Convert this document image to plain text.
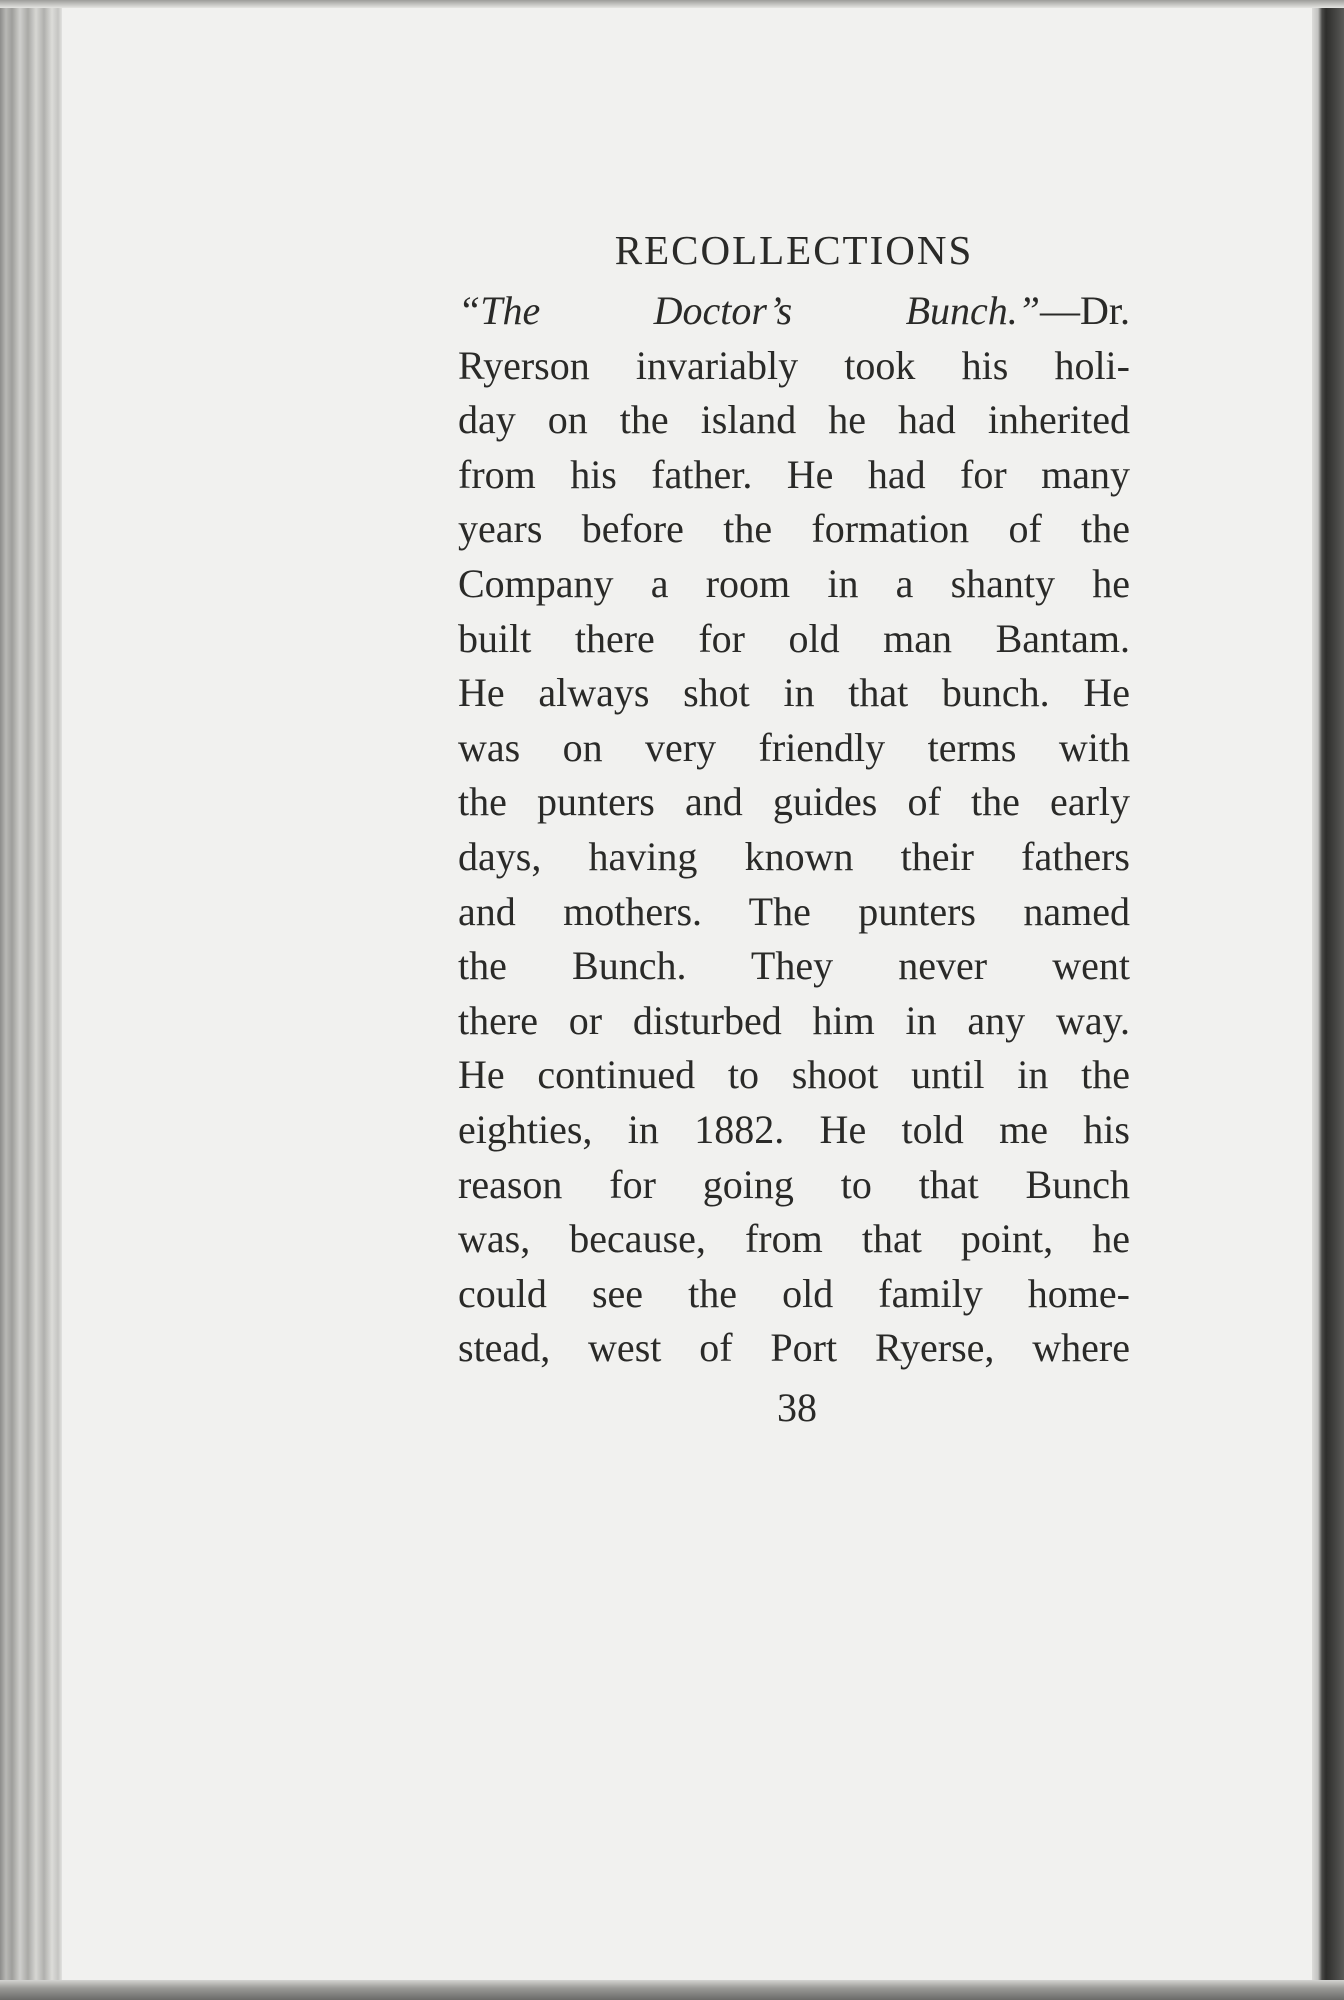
RECOLLECTIONS
“The Doctor’s Bunch.”—Dr.
Ryerson invariably took his holi-
day on the island he had inherited
from his father. He had for many
years before the formation of the
Company a room in a shanty he
built there for old man Bantam.
He always shot in that bunch. He
was on very friendly terms with
the punters and guides of the early
days, having known their fathers
and mothers. The punters named
the Bunch. They never went
there or disturbed him in any way.
He continued to shoot until in the
eighties, in 1882. He told me his
reason for going to that Bunch
was, because, from that point, he
could see the old family home-
stead, west of Port Ryerse, where
38
